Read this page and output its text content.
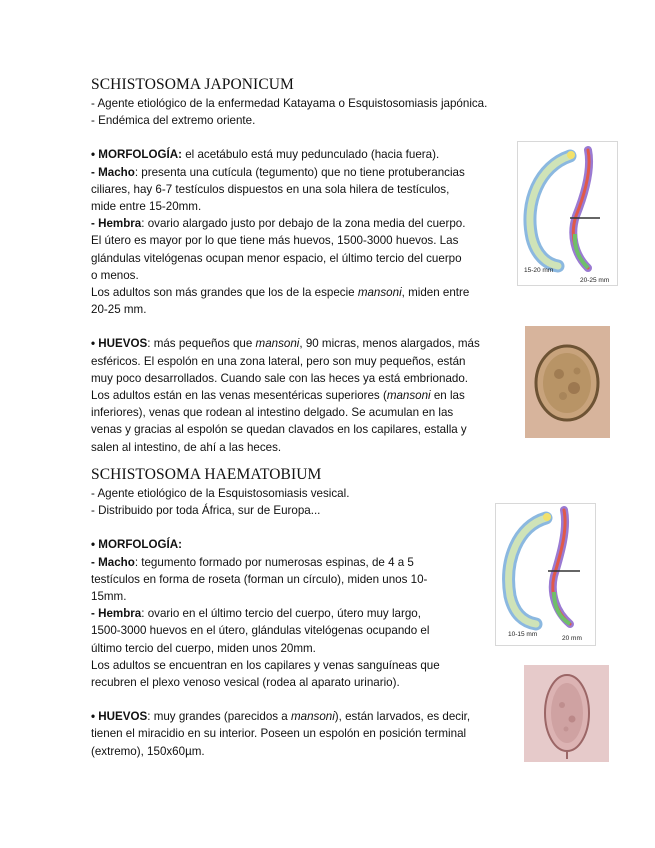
SCHISTOSOMA JAPONICUM
- Agente etiológico de la enfermedad Katayama o Esquistosomiasis japónica.
- Endémica del extremo oriente.
• MORFOLOGÍA: el acetábulo está muy pedunculado (hacia fuera).
- Macho: presenta una cutícula (tegumento) que no tiene protuberancias
ciliares, hay 6-7 testículos dispuestos en una sola hilera de testículos,
mide entre 15-20mm.
- Hembra: ovario alargado justo por debajo de la zona media del cuerpo.
El útero es mayor por lo que tiene más huevos, 1500-3000 huevos. Las
glándulas vitelógenas ocupan menor espacio, el último tercio del cuerpo
o menos.
Los adultos son más grandes que los de la especie mansoni, miden entre
20-25 mm.
• HUEVOS: más pequeños que mansoni, 90 micras, menos alargados, más
esféricos. El espolón en una zona lateral, pero son muy pequeños, están
muy poco desarrollados. Cuando sale con las heces ya está embrionado.
Los adultos están en las venas mesentéricas superiores (mansoni en las
inferiores), venas que rodean al intestino delgado. Se acumulan en las
venas y gracias al espolón se quedan clavados en los capilares, estalla y
salen al intestino, de ahí a las heces.
SCHISTOSOMA HAEMATOBIUM
- Agente etiológico de la Esquistosomiasis vesical.
- Distribuido por toda África, sur de Europa...
• MORFOLOGÍA:
- Macho: tegumento formado por numerosas espinas, de 4 a 5
testículos en forma de roseta (forman un círculo), miden unos 10-
15mm.
- Hembra: ovario en el último tercio del cuerpo, útero muy largo,
1500-3000 huevos en el útero, glándulas vitelógenas ocupando el
último tercio del cuerpo, miden unos 20mm.
Los adultos se encuentran en los capilares y venas sanguíneas que
recubren el plexo venoso vesical (rodea al aparato urinario).
• HUEVOS: muy grandes (parecidos a mansoni), están larvados, es decir,
tienen el miracidio en su interior. Poseen un espolón en posición terminal
(extremo), 150x60µm.
15-20 mm
20-25 mm
10-15 mm
20 mm
